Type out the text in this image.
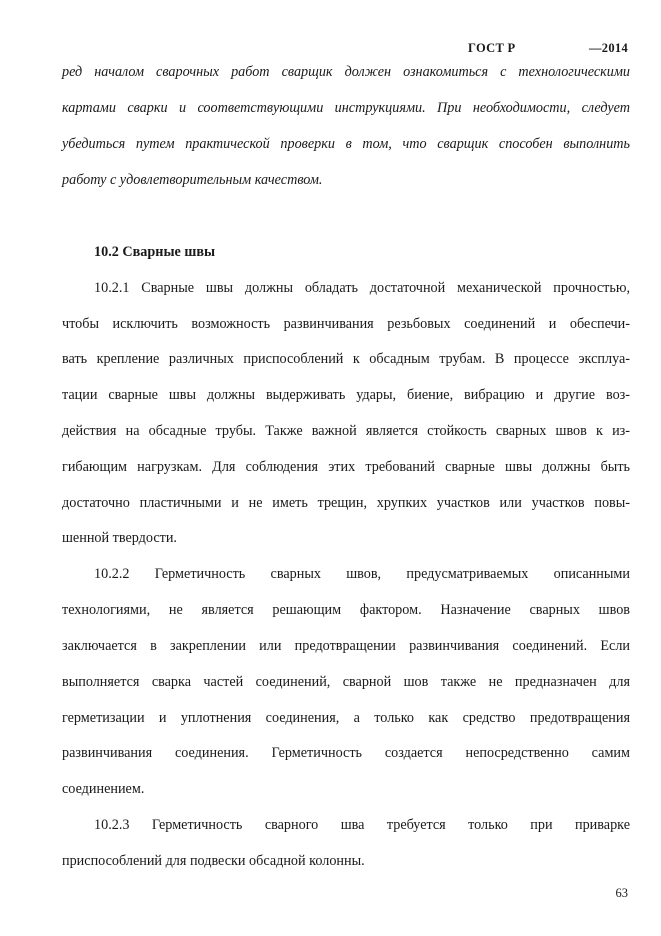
ГОСТ Р	—2014
ред началом сварочных работ сварщик должен ознакомиться с технологическими
картами сварки и соответствующими инструкциями. При необходимости, следует
убедиться путем практической проверки в том, что сварщик способен выполнить
работу с удовлетворительным качеством.
10.2 Сварные швы
10.2.1 Сварные швы должны обладать достаточной механической прочностью,
чтобы исключить возможность развинчивания резьбовых соединений и обеспечи-
вать крепление различных приспособлений к обсадным трубам. В процессе эксплуа-
тации сварные швы должны выдерживать удары, биение, вибрацию и другие воз-
действия на обсадные трубы. Также важной является стойкость сварных швов к из-
гибающим нагрузкам. Для соблюдения этих требований сварные швы должны быть
достаточно пластичными и не иметь трещин, хрупких участков или участков повы-
шенной твердости.
10.2.2 Герметичность сварных швов, предусматриваемых описанными
технологиями, не является решающим фактором. Назначение сварных швов
заключается в закреплении или предотвращении развинчивания соединений. Если
выполняется сварка частей соединений, сварной шов также не предназначен для
герметизации и уплотнения соединения, а только как средство предотвращения
развинчивания соединения. Герметичность создается непосредственно самим
соединением.
10.2.3 Герметичность сварного шва требуется только при приварке
приспособлений для подвески обсадной колонны.
63
